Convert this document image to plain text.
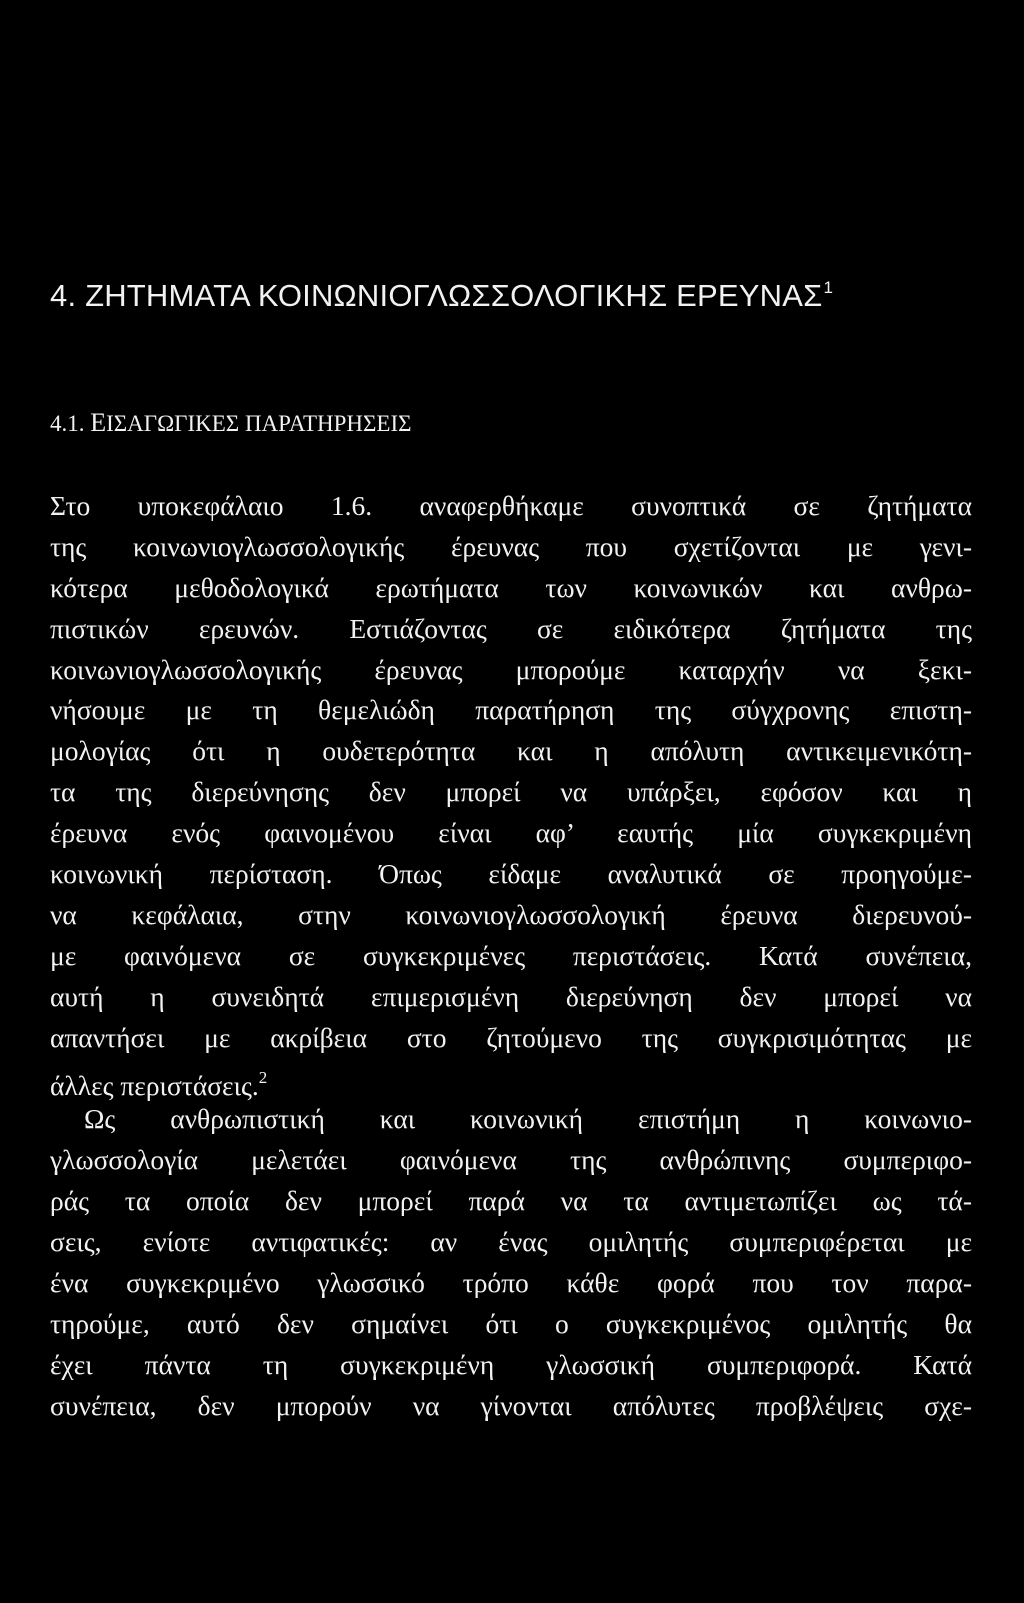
4. ΖΗΤΗΜΑΤΑ ΚΟΙΝΩΝΙΟΓΛΩΣΣΟΛΟΓΙΚΗΣ ΕΡΕΥΝΑΣ$^1$
4.1. ΕΙΣΑΓΩΓΙΚΕΣ ΠΑΡΑΤΗΡΗΣΕΙΣ
Στο υποκεφάλαιο 1.6. αναφερθήκαμε συνοπτικά σε ζητήματα
της κοινωνιογλωσσολογικής έρευνας που σχετίζονται με γενι-
κότερα μεθοδολογικά ερωτήματα των κοινωνικών και ανθρω-
πιστικών ερευνών. Εστιάζοντας σε ειδικότερα ζητήματα της
κοινωνιογλωσσολογικής έρευνας μπορούμε καταρχήν να ξεκι-
νήσουμε με τη θεμελιώδη παρατήρηση της σύγχρονης επιστη-
μολογίας ότι η ουδετερότητα και η απόλυτη αντικειμενικότη-
τα της διερεύνησης δεν μπορεί να υπάρξει, εφόσον και η
έρευνα ενός φαινομένου είναι αφ’ εαυτής μία συγκεκριμένη
κοινωνική περίσταση. Όπως είδαμε αναλυτικά σε προηγούμε-
να κεφάλαια, στην κοινωνιογλωσσολογική έρευνα διερευνού-
με φαινόμενα σε συγκεκριμένες περιστάσεις. Κατά συνέπεια,
αυτή η συνειδητά επιμερισμένη διερεύνηση δεν μπορεί να
απαντήσει με ακρίβεια στο ζητούμενο της συγκρισιμότητας με
άλλες περιστάσεις.$^2$
Ως ανθρωπιστική και κοινωνική επιστήμη η κοινωνιο-
γλωσσολογία μελετάει φαινόμενα της ανθρώπινης συμπεριφο-
ράς τα οποία δεν μπορεί παρά να τα αντιμετωπίζει ως τά-
σεις, ενίοτε αντιφατικές: αν ένας ομιλητής συμπεριφέρεται με
ένα συγκεκριμένο γλωσσικό τρόπο κάθε φορά που τον παρα-
τηρούμε, αυτό δεν σημαίνει ότι ο συγκεκριμένος ομιλητής θα
έχει πάντα τη συγκεκριμένη γλωσσική συμπεριφορά. Κατά
συνέπεια, δεν μπορούν να γίνονται απόλυτες προβλέψεις σχε-
